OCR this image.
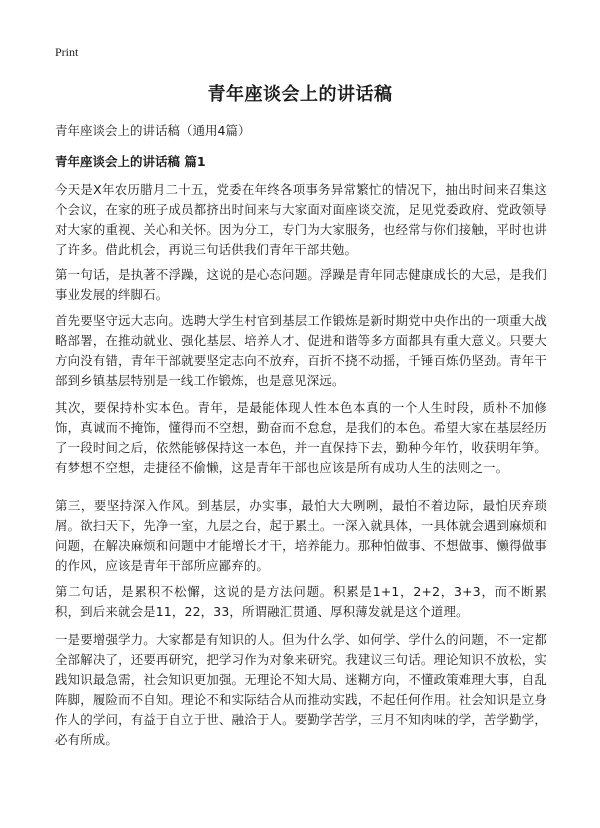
Print
青年座谈会上的讲话稿
青年座谈会上的讲话稿（通用4篇）
青年座谈会上的讲话稿 篇1

今天是X年农历腊月二十五，党委在年终各项事务异常繁忙的情况下，抽出时间来召集这个会议，在家的班子成员都挤出时间来与大家面对面座谈交流，足见党委政府、党政领导对大家的重视、关心和关怀。因为分工，专门为大家服务，也经常与你们接触，平时也讲了许多。借此机会，再说三句话供我们青年干部共勉。

第一句话，是执著不浮躁，这说的是心态问题。浮躁是青年同志健康成长的大忌，是我们事业发展的绊脚石。

首先要坚守远大志向。选聘大学生村官到基层工作锻炼是新时期党中央作出的一项重大战略部署，在推动就业、强化基层、培养人才、促进和谐等多方面都具有重大意义。只要大方向没有错，青年干部就要坚定志向不放弃，百折不挠不动摇，千锤百炼仍坚劲。青年干部到乡镇基层特别是一线工作锻炼，也是意见深远。

其次，要保持朴实本色。青年，是最能体现人性本色本真的一个人生时段，质朴不加修饰，真诚而不掩饰，懂得而不空想，勤奋而不怠怠，是我们的本色。希望大家在基层经历了一段时间之后，依然能够保持这一本色，并一直保持下去，勤种今年竹，收获明年笋。有梦想不空想，走捷径不偷懒，这是青年干部也应该是所有成功人生的法则之一。

第三，要坚持深入作风。到基层，办实事，最怕大大咧咧，最怕不着边际，最怕厌弃琐屑。欲扫天下，先净一室，九层之台，起于累土。一深入就具体，一具体就会遇到麻烦和问题，在解决麻烦和问题中才能增长才干，培养能力。那种怕做事、不想做事、懒得做事的作风，应该是青年干部所应鄙弃的。

第二句话，是累积不松懈，这说的是方法问题。积累是1+1，2+2，3+3，而不断累积，到后来就会是11，22，33，所谓融汇贯通、厚积薄发就是这个道理。

一是要增强学力。大家都是有知识的人。但为什么学、如何学、学什么的问题，不一定都全部解决了，还要再研究，把学习作为对象来研究。我建议三句话。理论知识不放松，实践知识最急需，社会知识更加强。无理论不知大局、迷糊方向，不懂政策难理大事，自乱阵脚，履险而不自知。理论不和实际结合从而推动实践，不起任何作用。社会知识是立身作人的学问，有益于自立于世、融洽于人。要勤学苦学，三月不知肉味的学，苦学勤学，必有所成。
